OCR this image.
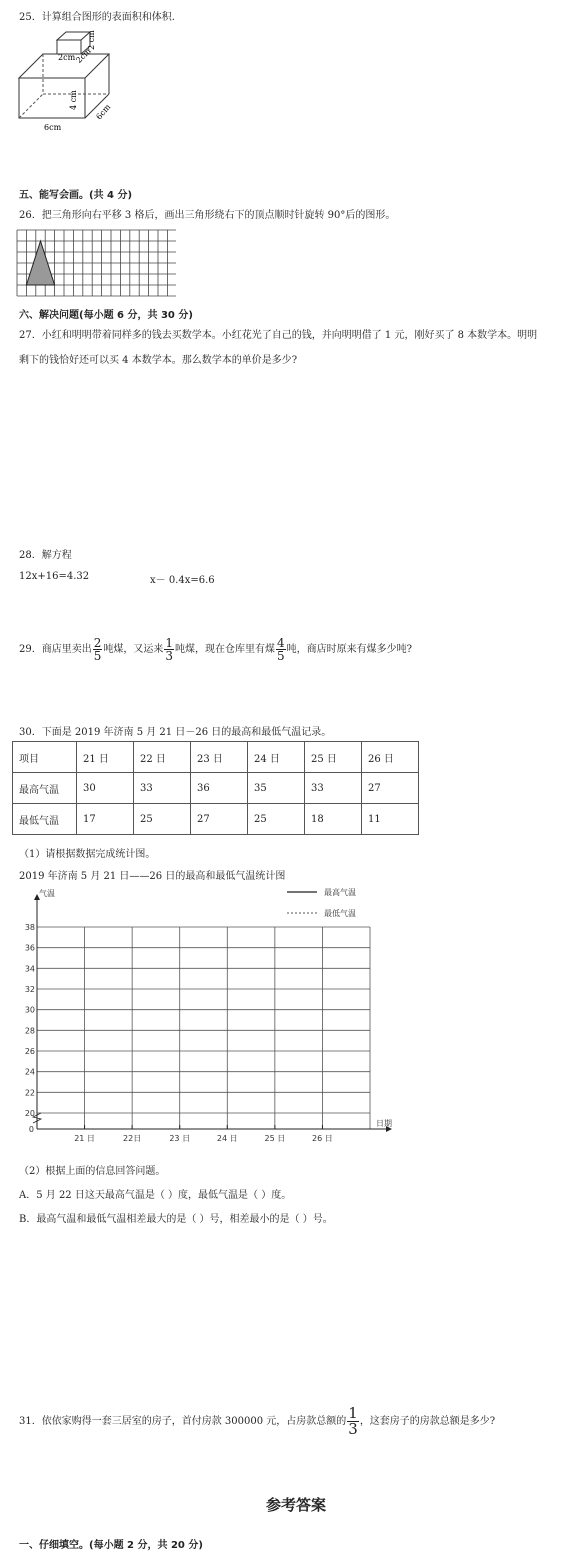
25．计算组合图形的表面积和体积.
2cm 2cm
2 cm
4 cm
6cm
6cm
五、能写会画。(共 4 分)
26．把三角形向右平移 3 格后，画出三角形绕右下的顶点顺时针旋转 90°后的图形。
六、解决问题(每小题 6 分，共 30 分)
27．小红和明明带着同样多的钱去买数学本。小红花光了自己的钱，并向明明借了 1 元，刚好买了 8 本数学本。明明
剩下的钱恰好还可以买 4 本数学本。那么数学本的单价是多少?
28．解方程
12x+16=4.32	x－ 0.4x=6.6
29．商店里卖出 $\frac{2}{5}$ 吨煤，又运来 $\frac{1}{3}$ 吨煤，现在仓库里有煤 $\frac{4}{5}$ 吨，商店时原来有煤多少吨?
30．下面是 2019 年济南 5 月 21 日－26 日的最高和最低气温记录。
项目	21 日	22 日	23 日	24 日	25 日	26 日
最高气温	30	33	36	35	33	27
最低气温	17	25	27	25	18	11
（1）请根据数据完成统计图。
2019 年济南 5 月 21 日——26 日的最高和最低气温统计图
38
36
34
32
30
28
26
24
22
20
0
21 日	22日	23 日	24 日	25 日	26 日
气温
日期
最高气温
最低气温
（2）根据上面的信息回答问题。
A．5 月 22 日这天最高气温是（ ）度，最低气温是（ ）度。
B．最高气温和最低气温相差最大的是（ ）号，相差最小的是（ ）号。
31．依依家购得一套三居室的房子，首付房款 300000 元，占房款总额的 $\frac{1}{3}$ ，这套房子的房款总额是多少?
参考答案
一、仔细填空。(每小题 2 分，共 20 分)
